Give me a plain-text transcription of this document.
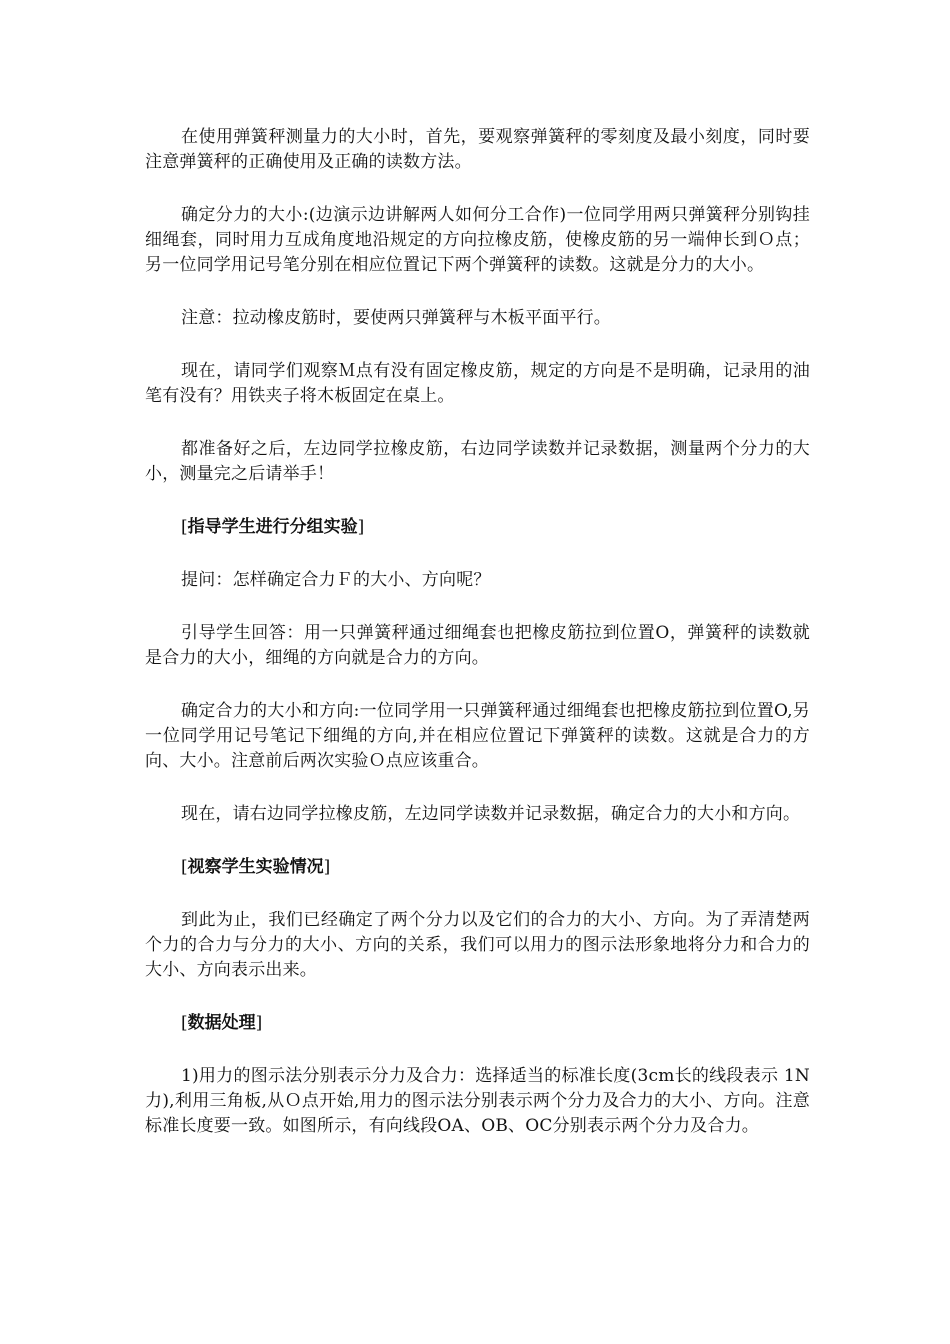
在使用弹簧秤测量力的大小时，首先，要观察弹簧秤的零刻度及最小刻度，同时要注意弹簧秤的正确使用及正确的读数方法。

确定分力的大小:(边演示边讲解两人如何分工合作)一位同学用两只弹簧秤分别钩挂细绳套，同时用力互成角度地沿规定的方向拉橡皮筋，使橡皮筋的另一端伸长到Ｏ点；另一位同学用记号笔分别在相应位置记下两个弹簧秤的读数。这就是分力的大小。

注意：拉动橡皮筋时，要使两只弹簧秤与木板平面平行。

现在，请同学们观察Ｍ点有没有固定橡皮筋，规定的方向是不是明确，记录用的油笔有没有？用铁夹子将木板固定在桌上。

都准备好之后，左边同学拉橡皮筋，右边同学读数并记录数据，测量两个分力的大小，测量完之后请举手！

[指导学生进行分组实验]

提问：怎样确定合力Ｆ的大小、方向呢？

引导学生回答：用一只弹簧秤通过细绳套也把橡皮筋拉到位置O，弹簧秤的读数就是合力的大小，细绳的方向就是合力的方向。

确定合力的大小和方向:一位同学用一只弹簧秤通过细绳套也把橡皮筋拉到位置O,另一位同学用记号笔记下细绳的方向,并在相应位置记下弹簧秤的读数。这就是合力的方向、大小。注意前后两次实验Ｏ点应该重合。

现在，请右边同学拉橡皮筋，左边同学读数并记录数据，确定合力的大小和方向。

[视察学生实验情况]

到此为止，我们已经确定了两个分力以及它们的合力的大小、方向。为了弄清楚两个力的合力与分力的大小、方向的关系，我们可以用力的图示法形象地将分力和合力的大小、方向表示出来。

[数据处理]

1)用力的图示法分别表示分力及合力：选择适当的标准长度(3cm长的线段表示 1N力),利用三角板,从Ｏ点开始,用力的图示法分别表示两个分力及合力的大小、方向。注意标准长度要一致。如图所示，有向线段OA、OB、OC分别表示两个分力及合力。
